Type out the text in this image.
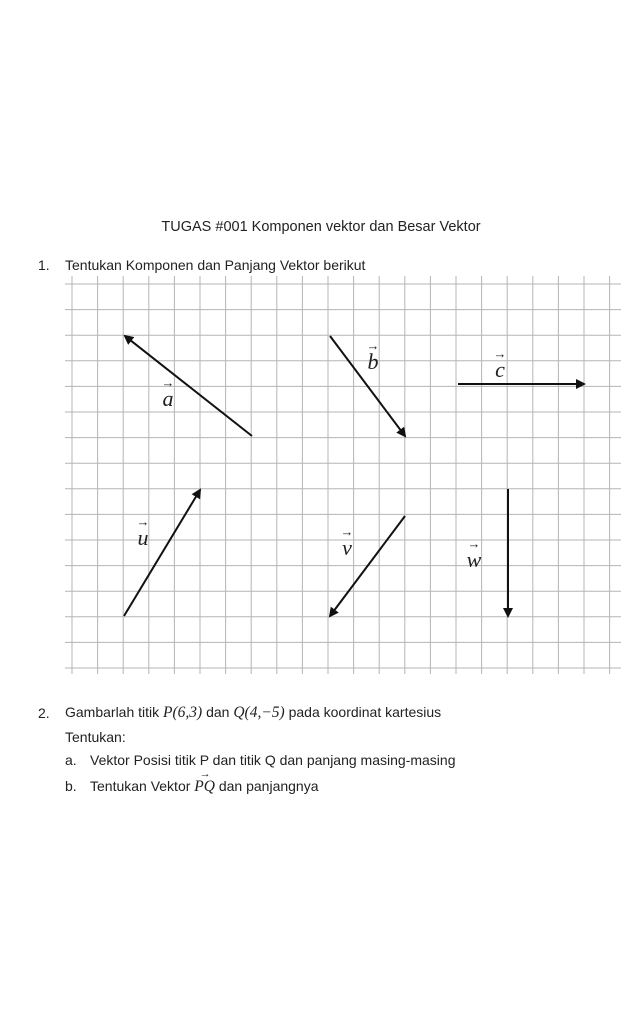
TUGAS #001 Komponen vektor dan Besar Vektor
1. Tentukan Komponen dan Panjang Vektor berikut
→
a
→
b	→
c
→
u	→
v	→
w
2. Gambarlah titik P(6,3) dan Q(4,−5) pada koordinat kartesius
Tentukan:
a. Vektor Posisi titik P dan titik Q dan panjang masing-masing
b. Tentukan Vektor
→
PQ dan panjangnya
